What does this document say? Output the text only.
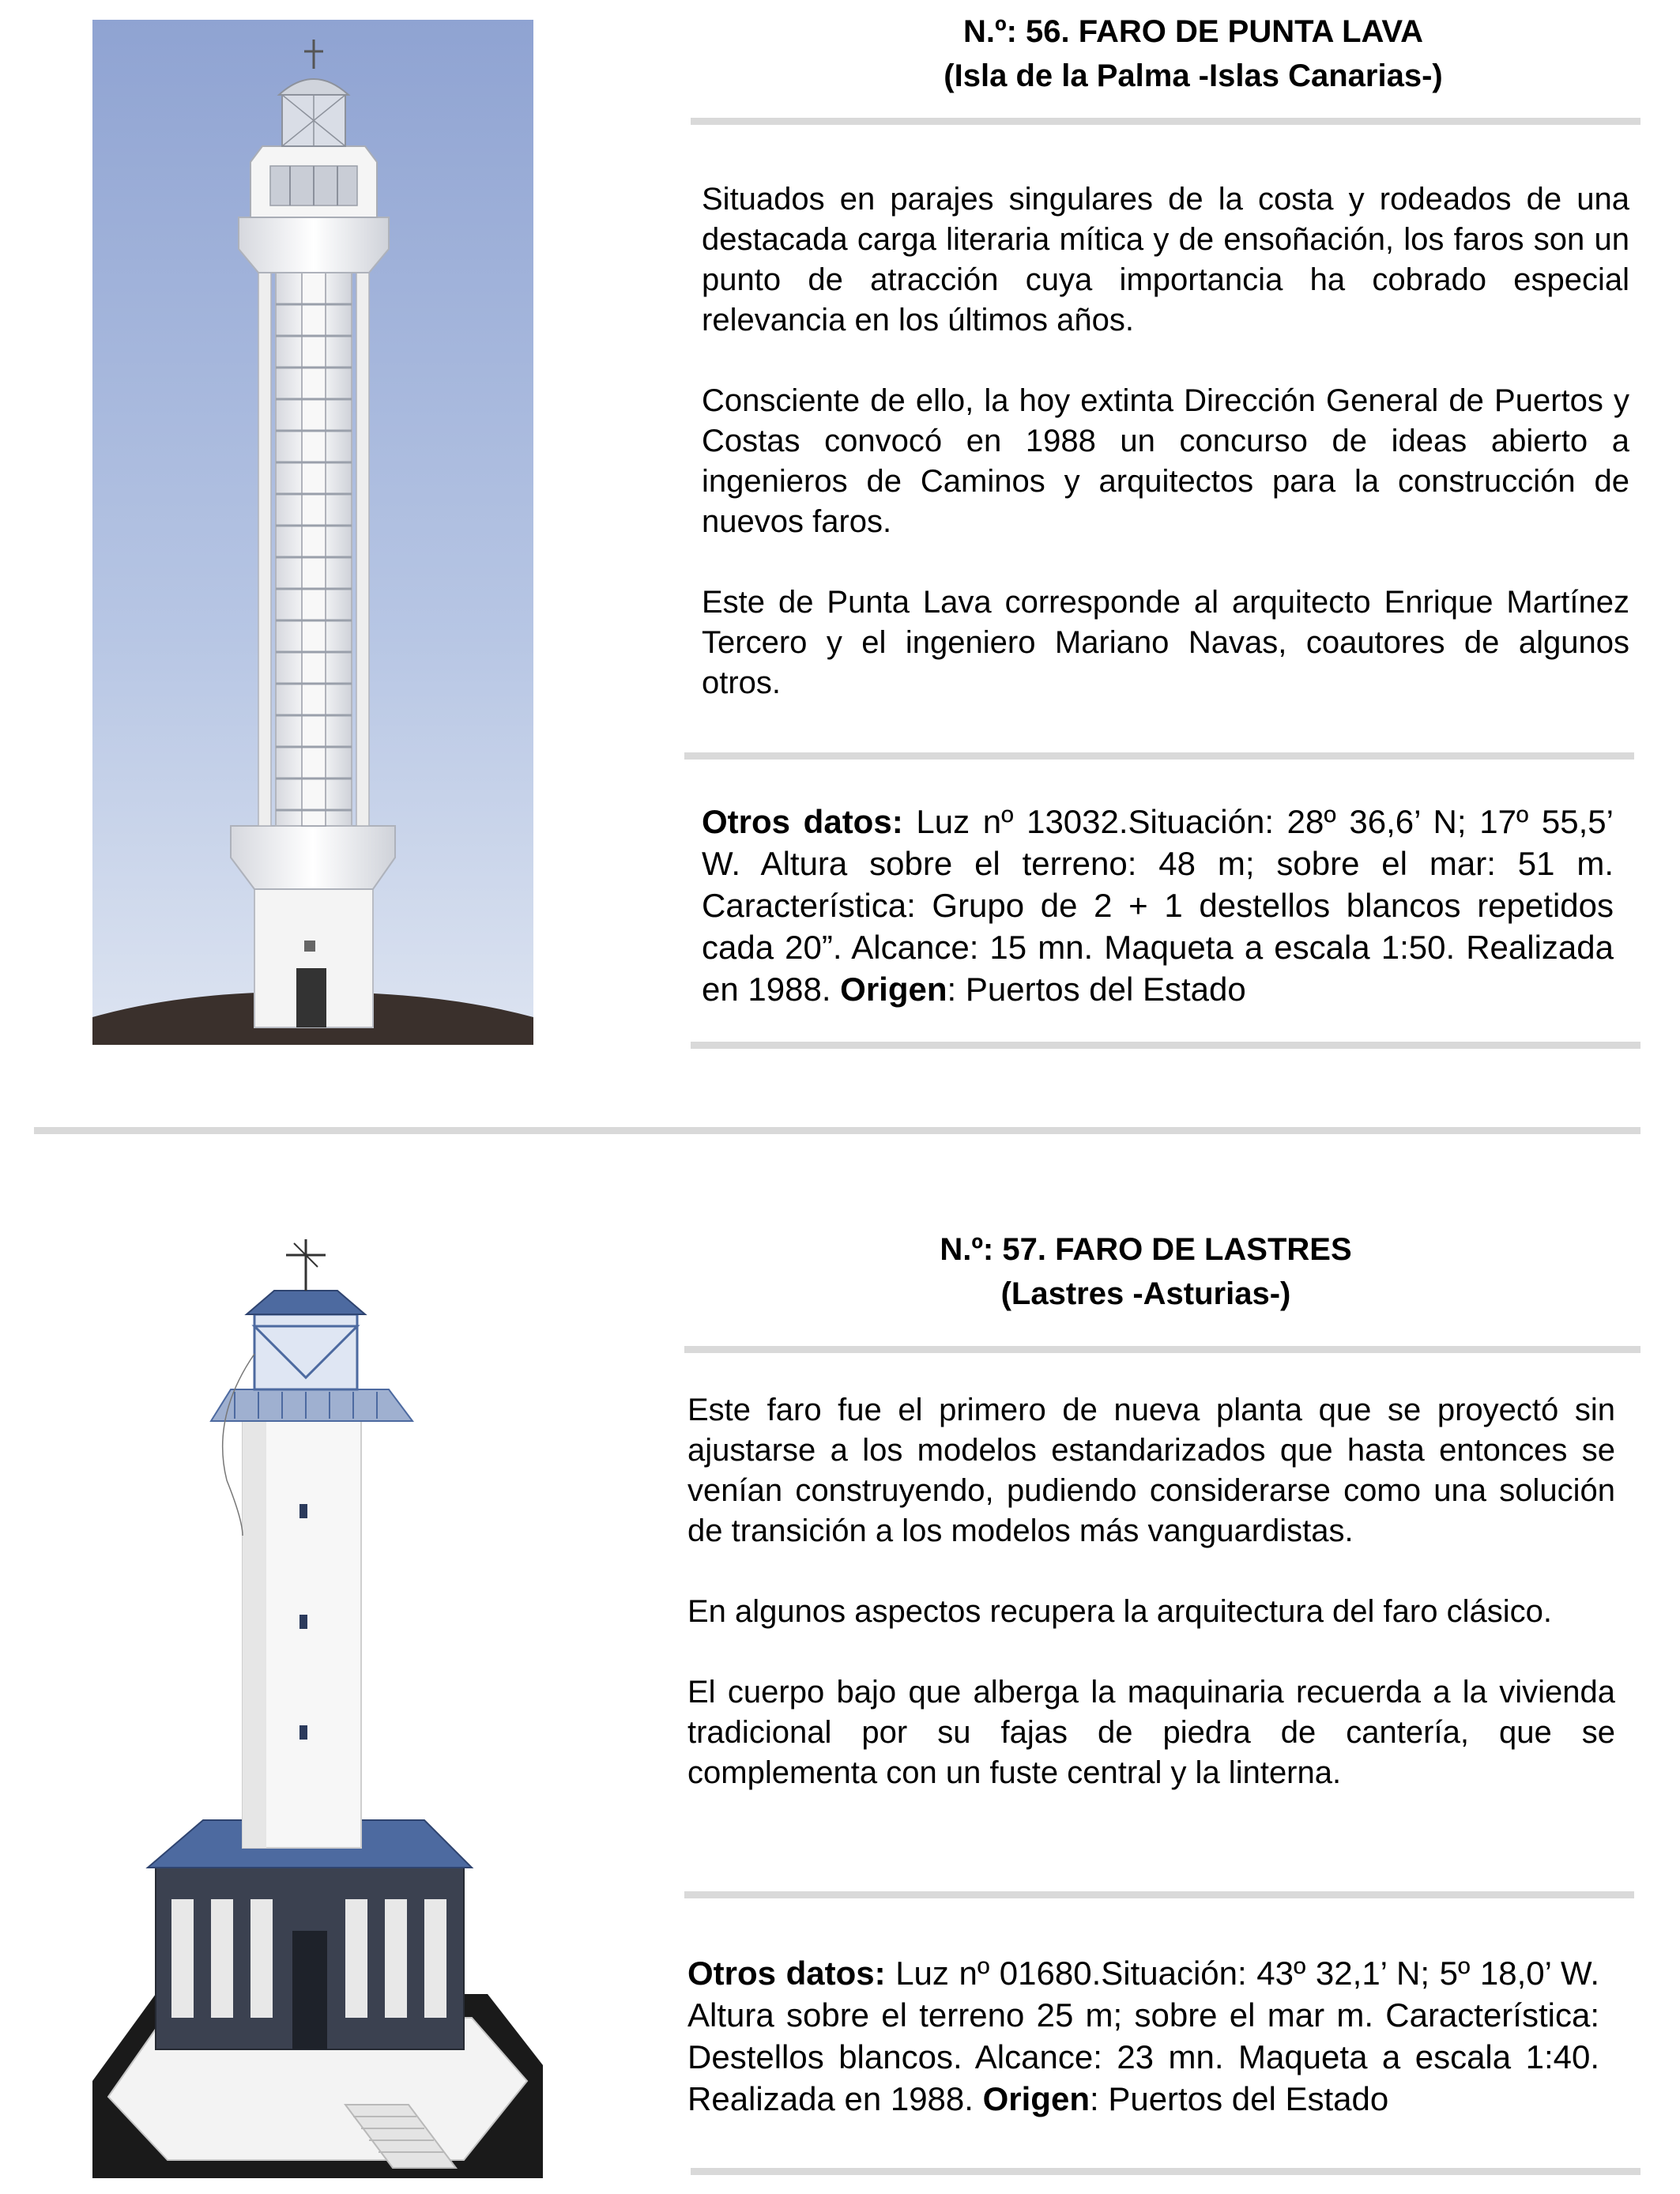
N.º: 56. FARO DE PUNTA LAVA
(Isla de la Palma -Islas Canarias-)

Situados en parajes singulares de la costa y rodeados de una destacada carga literaria mítica y de ensoñación, los faros son un punto de atracción cuya importancia ha cobrado especial relevancia en los últimos años.

Consciente de ello, la hoy extinta Dirección General de Puertos y Costas convocó en 1988 un concurso de ideas abierto a ingenieros de Caminos y arquitectos para la construcción de nuevos faros.

Este de Punta Lava corresponde al arquitecto Enrique Martínez Tercero y el ingeniero Mariano Navas, coautores de algunos otros.

Otros datos: Luz nº 13032.Situación: 28º 36,6’ N; 17º 55,5’ W. Altura sobre el terreno: 48 m; sobre el mar: 51 m. Característica: Grupo de 2 + 1 destellos blancos repetidos cada 20”. Alcance: 15 mn. Maqueta a escala 1:50. Realizada en 1988. Origen: Puertos del Estado
N.º: 57. FARO DE LASTRES
(Lastres -Asturias-)

Este faro fue el primero de nueva planta que se proyectó sin ajustarse a los modelos estandarizados que hasta entonces se venían construyendo, pudiendo considerarse como una solución de transición a los modelos más vanguardistas.

En algunos aspectos recupera la arquitectura del faro clásico.

El cuerpo bajo que alberga la maquinaria recuerda a la vivienda tradicional por su fajas de piedra de cantería, que se complementa con un fuste central y la linterna.

Otros datos: Luz nº 01680.Situación: 43º 32,1’ N; 5º 18,0’ W. Altura sobre el terreno 25 m; sobre el mar m. Característica: Destellos blancos. Alcance: 23 mn. Maqueta a escala 1:40. Realizada en 1988. Origen: Puertos del Estado
